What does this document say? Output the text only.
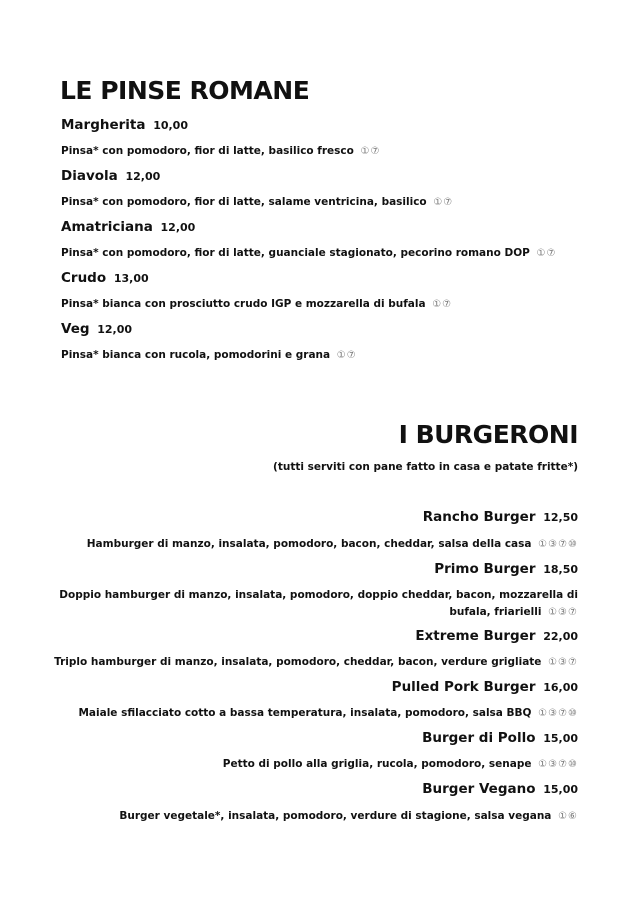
LE PINSE ROMANE
Margherita 10,00
Pinsa* con pomodoro, fior di latte, basilico fresco ①⑦
Diavola 12,00
Pinsa* con pomodoro, fior di latte, salame ventricina, basilico ①⑦
Amatriciana 12,00
Pinsa* con pomodoro, fior di latte, guanciale stagionato, pecorino romano DOP ①⑦
Crudo 13,00
Pinsa* bianca con prosciutto crudo IGP e mozzarella di bufala ①⑦
Veg 12,00
Pinsa* bianca con rucola, pomodorini e grana ①⑦
I BURGERONI
(tutti serviti con pane fatto in casa e patate fritte*)
Rancho Burger 12,50
Hamburger di manzo, insalata, pomodoro, bacon, cheddar, salsa della casa ①③⑦⑩
Primo Burger 18,50
Doppio hamburger di manzo, insalata, pomodoro, doppio cheddar, bacon, mozzarella di bufala, friarielli ①③⑦
Extreme Burger 22,00
Triplo hamburger di manzo, insalata, pomodoro, cheddar, bacon, verdure grigliate ①③⑦
Pulled Pork Burger 16,00
Maiale sfilacciato cotto a bassa temperatura, insalata, pomodoro, salsa BBQ ①③⑦⑩
Burger di Pollo 15,00
Petto di pollo alla griglia, rucola, pomodoro, senape ①③⑦⑩
Burger Vegano 15,00
Burger vegetale*, insalata, pomodoro, verdure di stagione, salsa vegana ①⑥
